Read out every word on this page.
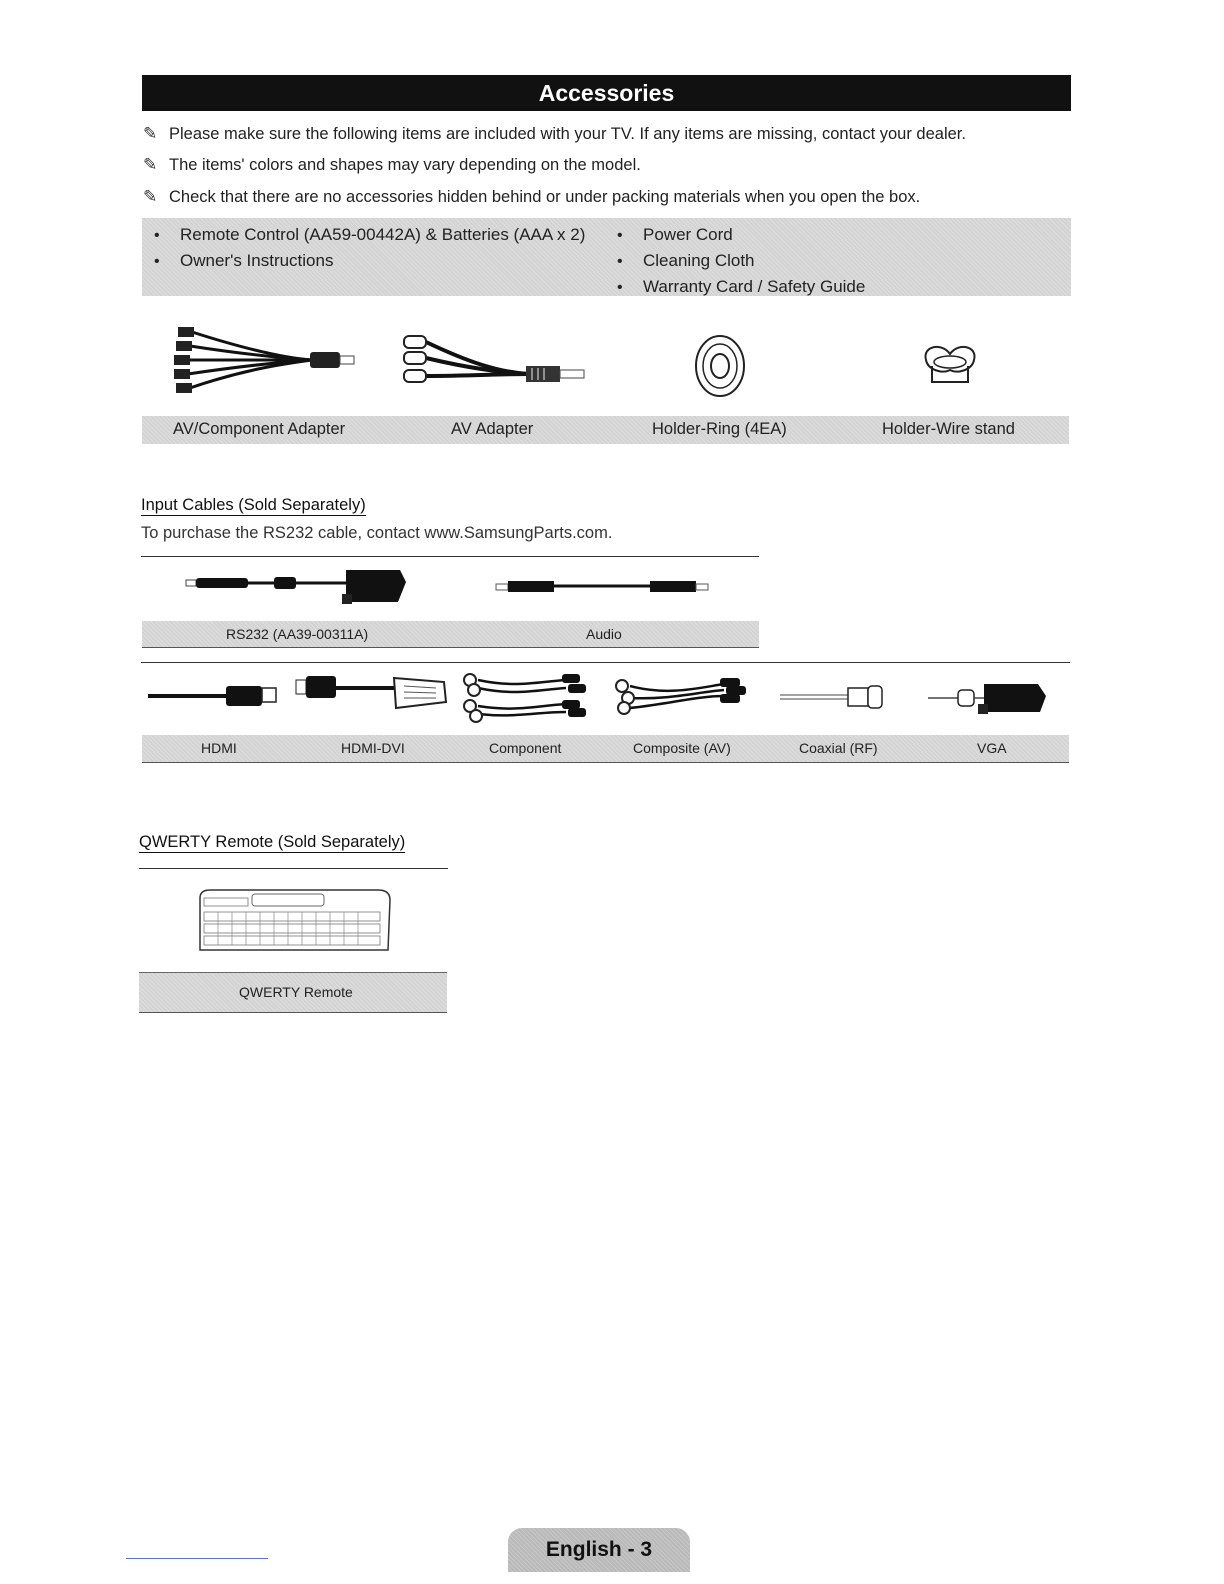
Accessories
✎ Please make sure the following items are included with your TV. If any items are missing, contact your dealer.
✎ The items' colors and shapes may vary depending on the model.
✎ Check that there are no accessories hidden behind or under packing materials when you open the box.
• Remote Control (AA59-00442A) & Batteries (AAA x 2)
• Owner's Instructions
• Power Cord
• Cleaning Cloth
• Warranty Card / Safety Guide
AV/Component Adapter	AV Adapter	Holder-Ring (4EA)	Holder-Wire stand
Input Cables (Sold Separately)
To purchase the RS232 cable, contact www.SamsungParts.com.
RS232 (AA39-00311A)	Audio
HDMI	HDMI-DVI	Component	Composite (AV)	Coaxial (RF)	VGA
QWERTY Remote (Sold Separately)
QWERTY Remote
English - 3
